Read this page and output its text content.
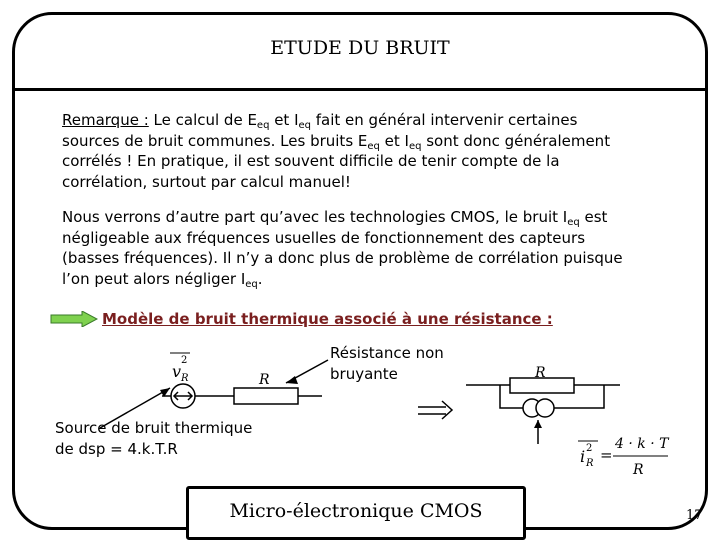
ETUDE DU BRUIT
Remarque : Le calcul de $E_{eq}$ et $I_{eq}$ fait en général intervenir certaines
sources de bruit communes. Les bruits $E_{eq}$ et $I_{eq}$ sont donc généralement
corrélés ! En pratique, il est souvent difficile de tenir compte de la
corrélation, surtout par calcul manuel!
Nous verrons d’autre part qu’avec les technologies CMOS, le bruit $I_{eq}$ est
négligeable aux fréquences usuelles de fonctionnement des capteurs
(basses fréquences). Il n’y a donc plus de problème de corrélation puisque
l’on peut alors négliger $I_{eq}$.
Modèle de bruit thermique associé à une résistance :
Résistance non
bruyante
Source de bruit thermique
de dsp = 4.k.T.R
v R
2
R	R
i R
2 =
4 · k · T
R
Micro-électronique CMOS	17
